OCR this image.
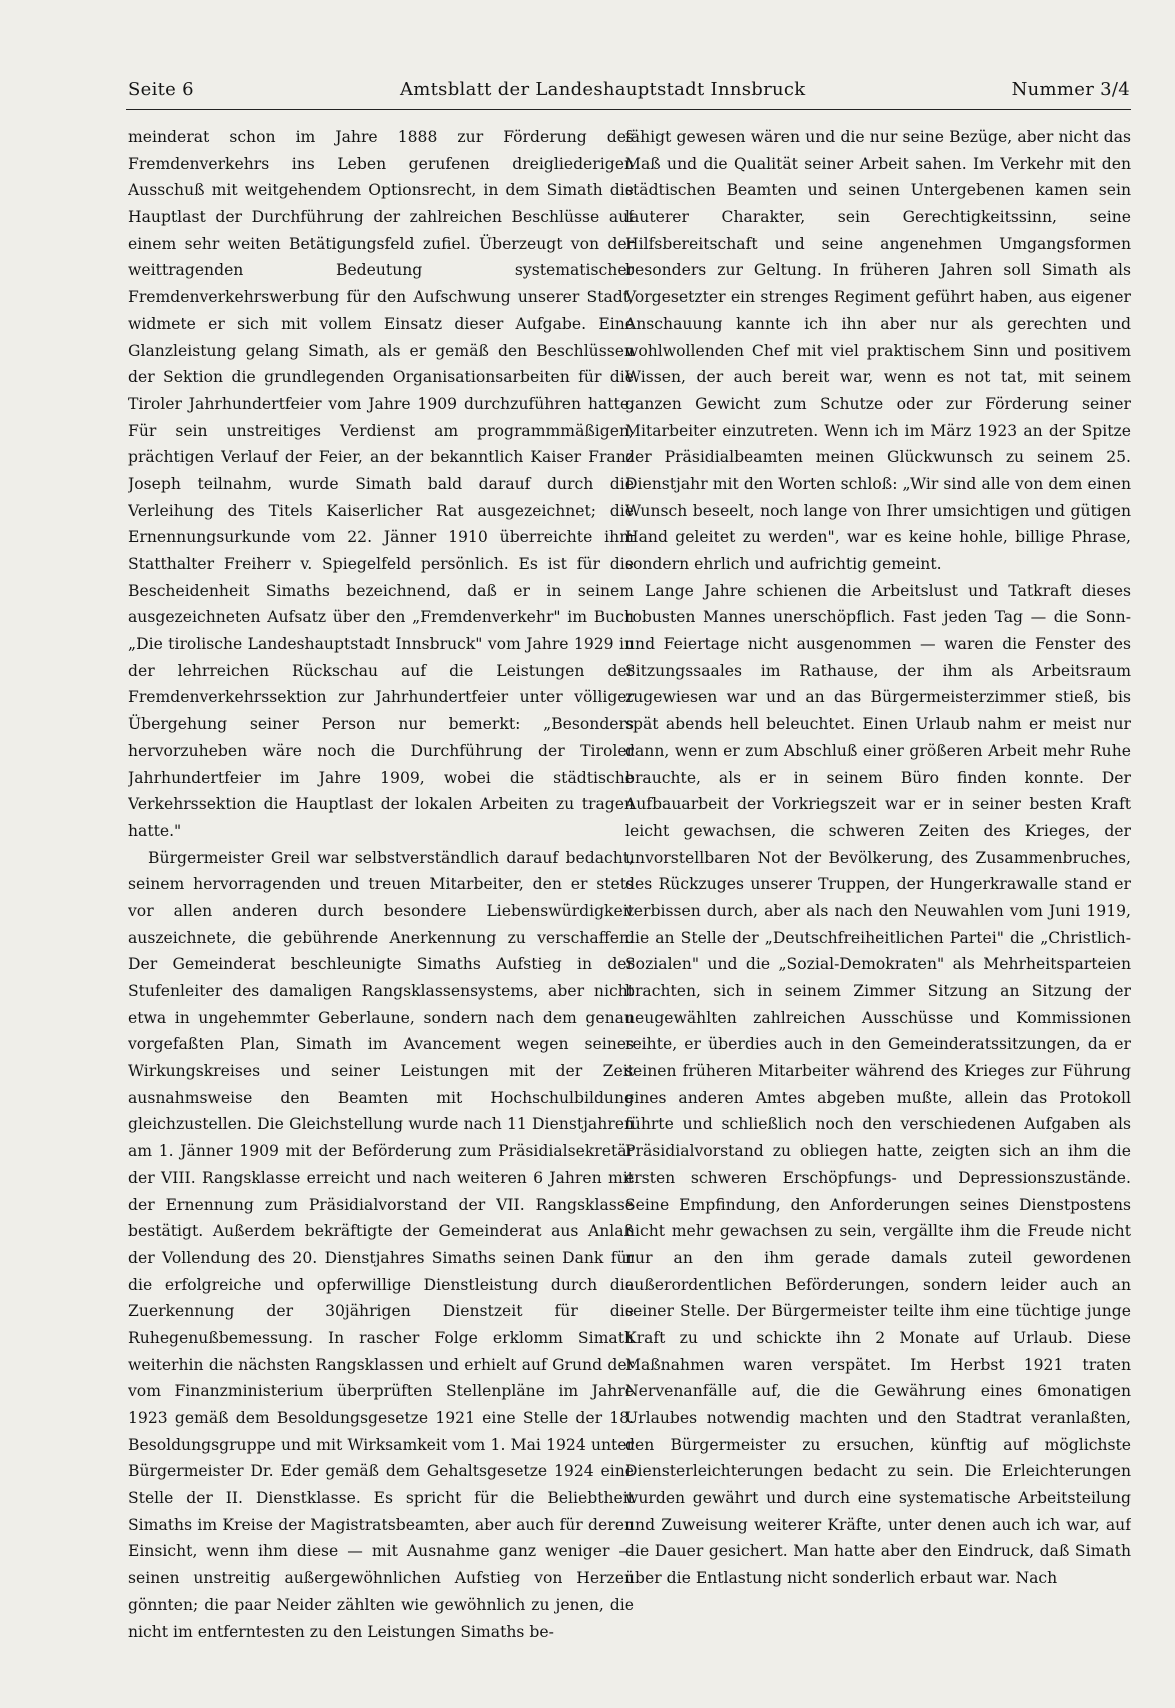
Seite 6	Amtsblatt der Landeshauptstadt Innsbruck	Nummer 3/4

meinderat schon im Jahre 1888 zur Förderung des Fremdenverkehrs ins Leben gerufenen dreigliederigen Ausschuß mit weitgehendem Optionsrecht, in dem Simath die Hauptlast der Durchführung der zahlreichen Beschlüsse auf einem sehr weiten Betätigungsfeld zufiel. Überzeugt von der weittragenden Bedeutung systematischer Fremdenverkehrswerbung für den Aufschwung unserer Stadt, widmete er sich mit vollem Einsatz dieser Aufgabe. Eine Glanzleistung gelang Simath, als er gemäß den Beschlüssen der Sektion die grundlegenden Organisationsarbeiten für die Tiroler Jahrhundertfeier vom Jahre 1909 durchzuführen hatte. Für sein unstreitiges Verdienst am programmmäßigen, prächtigen Verlauf der Feier, an der bekanntlich Kaiser Franz Joseph teilnahm, wurde Simath bald darauf durch die Verleihung des Titels Kaiserlicher Rat ausgezeichnet; die Ernennungsurkunde vom 22. Jänner 1910 überreichte ihm Statthalter Freiherr v. Spiegelfeld persönlich. Es ist für die Bescheidenheit Simaths bezeichnend, daß er in seinem ausgezeichneten Aufsatz über den „Fremdenverkehr" im Buch „Die tirolische Landeshauptstadt Innsbruck" vom Jahre 1929 in der lehrreichen Rückschau auf die Leistungen der Fremdenverkehrssektion zur Jahrhundertfeier unter völliger Übergehung seiner Person nur bemerkt: „Besonders hervorzuheben wäre noch die Durchführung der Tiroler Jahrhundertfeier im Jahre 1909, wobei die städtische Verkehrssektion die Hauptlast der lokalen Arbeiten zu tragen hatte."

Bürgermeister Greil war selbstverständlich darauf bedacht, seinem hervorragenden und treuen Mitarbeiter, den er stets vor allen anderen durch besondere Liebenswürdigkeit auszeichnete, die gebührende Anerkennung zu verschaffen. Der Gemeinderat beschleunigte Simaths Aufstieg in der Stufenleiter des damaligen Rangsklassensystems, aber nicht etwa in ungehemmter Geberlaune, sondern nach dem genau vorgefaßten Plan, Simath im Avancement wegen seines Wirkungskreises und seiner Leistungen mit der Zeit ausnahmsweise den Beamten mit Hochschulbildung gleichzustellen. Die Gleichstellung wurde nach 11 Dienstjahren am 1. Jänner 1909 mit der Beförderung zum Präsidialsekretär der VIII. Rangsklasse erreicht und nach weiteren 6 Jahren mit der Ernennung zum Präsidialvorstand der VII. Rangsklasse bestätigt. Außerdem bekräftigte der Gemeinderat aus Anlaß der Vollendung des 20. Dienstjahres Simaths seinen Dank für die erfolgreiche und opferwillige Dienstleistung durch die Zuerkennung der 30jährigen Dienstzeit für die Ruhegenußbemessung. In rascher Folge erklomm Simath weiterhin die nächsten Rangsklassen und erhielt auf Grund der vom Finanzministerium überprüften Stellenpläne im Jahre 1923 gemäß dem Besoldungsgesetze 1921 eine Stelle der 18. Besoldungsgruppe und mit Wirksamkeit vom 1. Mai 1924 unter Bürgermeister Dr. Eder gemäß dem Gehaltsgesetze 1924 eine Stelle der II. Dienstklasse. Es spricht für die Beliebtheit Simaths im Kreise der Magistratsbeamten, aber auch für deren Einsicht, wenn ihm diese — mit Ausnahme ganz weniger — seinen unstreitig außergewöhnlichen Aufstieg von Herzen gönnten; die paar Neider zählten wie gewöhnlich zu jenen, die nicht im entferntesten zu den Leistungen Simaths be-

fähigt gewesen wären und die nur seine Bezüge, aber nicht das Maß und die Qualität seiner Arbeit sahen. Im Verkehr mit den städtischen Beamten und seinen Untergebenen kamen sein lauterer Charakter, sein Gerechtigkeitssinn, seine Hilfsbereitschaft und seine angenehmen Umgangsformen besonders zur Geltung. In früheren Jahren soll Simath als Vorgesetzter ein strenges Regiment geführt haben, aus eigener Anschauung kannte ich ihn aber nur als gerechten und wohlwollenden Chef mit viel praktischem Sinn und positivem Wissen, der auch bereit war, wenn es not tat, mit seinem ganzen Gewicht zum Schutze oder zur Förderung seiner Mitarbeiter einzutreten. Wenn ich im März 1923 an der Spitze der Präsidialbeamten meinen Glückwunsch zu seinem 25. Dienstjahr mit den Worten schloß: „Wir sind alle von dem einen Wunsch beseelt, noch lange von Ihrer umsichtigen und gütigen Hand geleitet zu werden", war es keine hohle, billige Phrase, sondern ehrlich und aufrichtig gemeint.

Lange Jahre schienen die Arbeitslust und Tatkraft dieses robusten Mannes unerschöpflich. Fast jeden Tag — die Sonn- und Feiertage nicht ausgenommen — waren die Fenster des Sitzungssaales im Rathause, der ihm als Arbeitsraum zugewiesen war und an das Bürgermeisterzimmer stieß, bis spät abends hell beleuchtet. Einen Urlaub nahm er meist nur dann, wenn er zum Abschluß einer größeren Arbeit mehr Ruhe brauchte, als er in seinem Büro finden konnte. Der Aufbauarbeit der Vorkriegszeit war er in seiner besten Kraft leicht gewachsen, die schweren Zeiten des Krieges, der unvorstellbaren Not der Bevölkerung, des Zusammenbruches, des Rückzuges unserer Truppen, der Hungerkrawalle stand er verbissen durch, aber als nach den Neuwahlen vom Juni 1919, die an Stelle der „Deutschfreiheitlichen Partei" die „Christlich-Sozialen" und die „Sozial-Demokraten" als Mehrheitsparteien brachten, sich in seinem Zimmer Sitzung an Sitzung der neugewählten zahlreichen Ausschüsse und Kommissionen reihte, er überdies auch in den Gemeinderatssitzungen, da er seinen früheren Mitarbeiter während des Krieges zur Führung eines anderen Amtes abgeben mußte, allein das Protokoll führte und schließlich noch den verschiedenen Aufgaben als Präsidialvorstand zu obliegen hatte, zeigten sich an ihm die ersten schweren Erschöpfungs- und Depressionszustände. Seine Empfindung, den Anforderungen seines Dienstpostens nicht mehr gewachsen zu sein, vergällte ihm die Freude nicht nur an den ihm gerade damals zuteil gewordenen außerordentlichen Beförderungen, sondern leider auch an seiner Stelle. Der Bürgermeister teilte ihm eine tüchtige junge Kraft zu und schickte ihn 2 Monate auf Urlaub. Diese Maßnahmen waren verspätet. Im Herbst 1921 traten Nervenanfälle auf, die die Gewährung eines 6monatigen Urlaubes notwendig machten und den Stadtrat veranlaßten, den Bürgermeister zu ersuchen, künftig auf möglichste Diensterleichterungen bedacht zu sein. Die Erleichterungen wurden gewährt und durch eine systematische Arbeitsteilung und Zuweisung weiterer Kräfte, unter denen auch ich war, auf die Dauer gesichert. Man hatte aber den Eindruck, daß Simath über die Entlastung nicht sonderlich erbaut war. Nach
